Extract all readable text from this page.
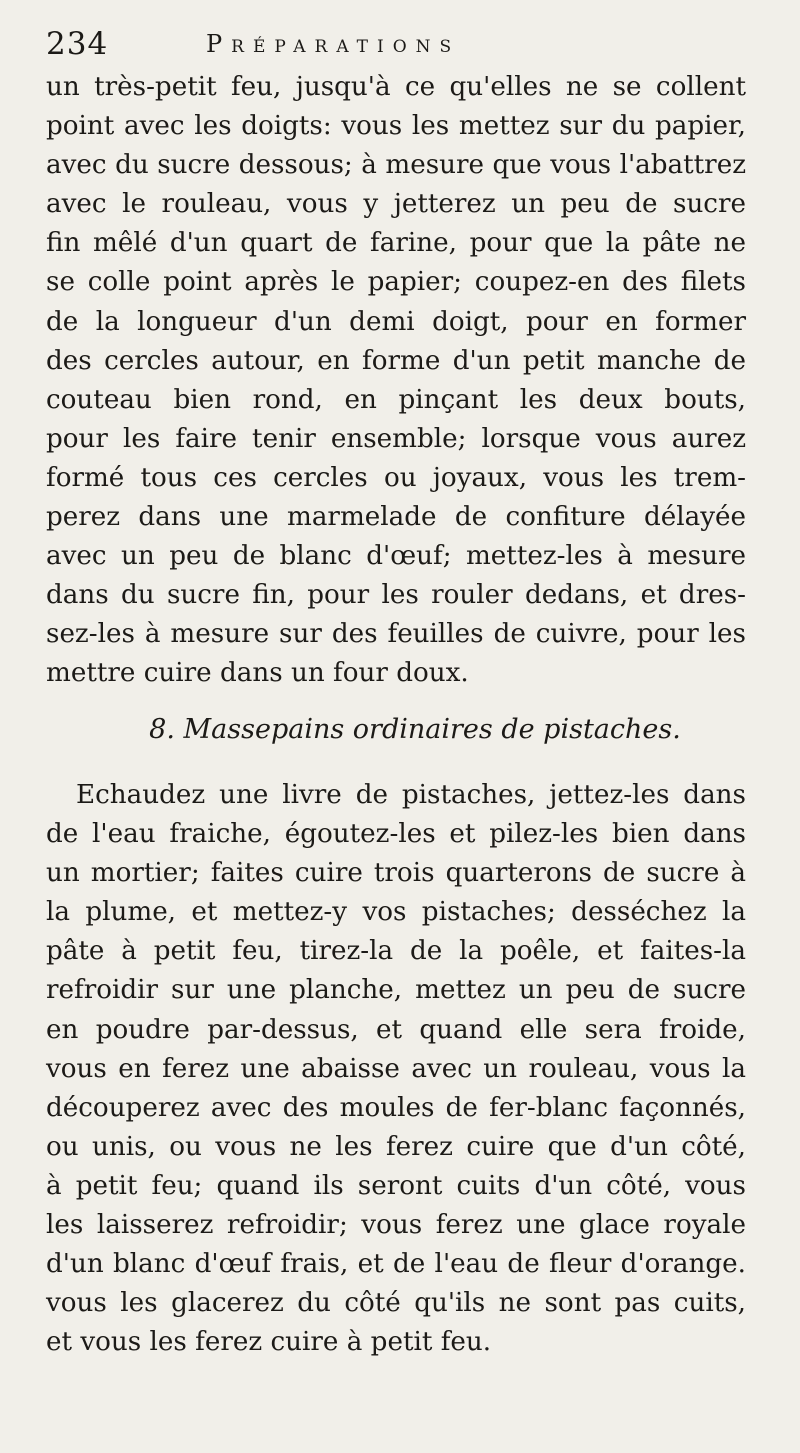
234	Préparations
un très-petit feu, jusqu'à ce qu'elles ne se collent
point avec les doigts: vous les mettez sur du papier,
avec du sucre dessous; à mesure que vous l'abattrez
avec le rouleau, vous y jetterez un peu de sucre
fin mêlé d'un quart de farine, pour que la pâte ne
se colle point après le papier; coupez-en des filets
de la longueur d'un demi doigt, pour en former
des cercles autour, en forme d'un petit manche de
couteau bien rond, en pinçant les deux bouts,
pour les faire tenir ensemble; lorsque vous aurez
formé tous ces cercles ou joyaux, vous les trem-
perez dans une marmelade de confiture délayée
avec un peu de blanc d'œuf; mettez-les à mesure
dans du sucre fin, pour les rouler dedans, et dres-
sez-les à mesure sur des feuilles de cuivre, pour les
mettre cuire dans un four doux.
8. Massepains ordinaires de pistaches.
Echaudez une livre de pistaches, jettez-les dans
de l'eau fraiche, égoutez-les et pilez-les bien dans
un mortier; faites cuire trois quarterons de sucre à
la plume, et mettez-y vos pistaches; desséchez la
pâte à petit feu, tirez-la de la poêle, et faites-la
refroidir sur une planche, mettez un peu de sucre
en poudre par-dessus, et quand elle sera froide,
vous en ferez une abaisse avec un rouleau, vous la
découperez avec des moules de fer-blanc façonnés,
ou unis, ou vous ne les ferez cuire que d'un côté,
à petit feu; quand ils seront cuits d'un côté, vous
les laisserez refroidir; vous ferez une glace royale
d'un blanc d'œuf frais, et de l'eau de fleur d'orange.
vous les glacerez du côté qu'ils ne sont pas cuits,
et vous les ferez cuire à petit feu.
